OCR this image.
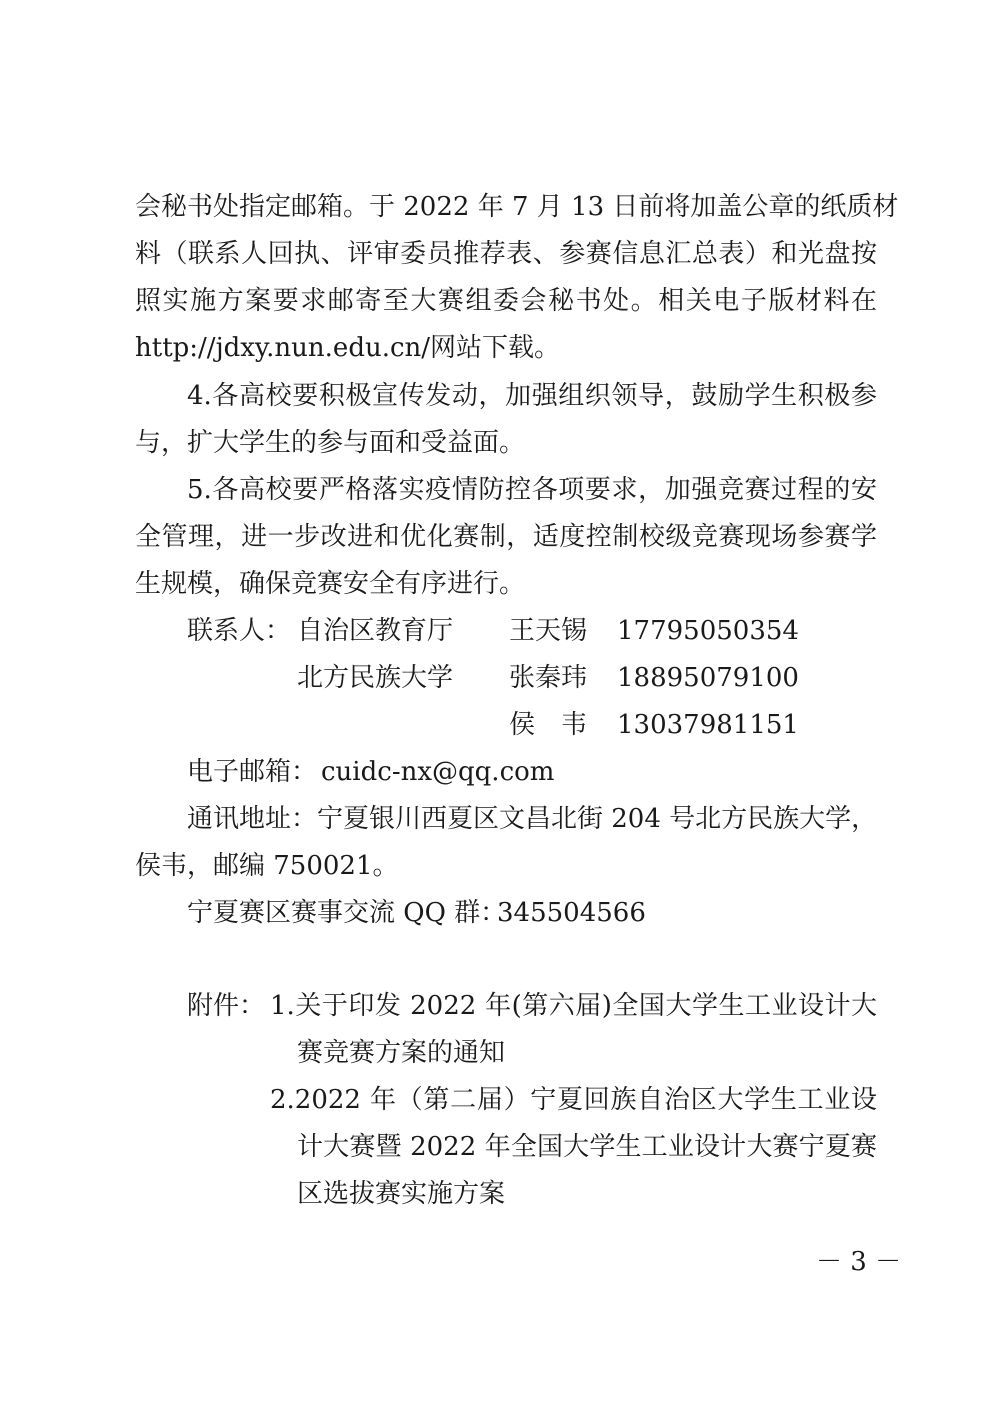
会秘书处指定邮箱。于 2022 年 7 月 13 日前将加盖公章的纸质材
料（联系人回执、评审委员推荐表、参赛信息汇总表）和光盘按
照实施方案要求邮寄至大赛组委会秘书处。相关电子版材料在
http://jdxy.nun.edu.cn/网站下载。
4.各高校要积极宣传发动，加强组织领导，鼓励学生积极参
与，扩大学生的参与面和受益面。
5.各高校要严格落实疫情防控各项要求，加强竞赛过程的安
全管理，进一步改进和优化赛制，适度控制校级竞赛现场参赛学
生规模，确保竞赛安全有序进行。
联系人： 自治区教育厅 王天锡 17795050354
北方民族大学 张秦玮 18895079100
侯　韦 13037981151
电子邮箱： cuidc-nx@qq.com
通讯地址：宁夏银川西夏区文昌北街 204 号北方民族大学，
侯韦，邮编 750021。
宁夏赛区赛事交流 QQ 群：
345504566
附件： 1.关于印发 2022 年(第六届)全国大学生工业设计大
赛竞赛方案的通知
2.2022 年（第二届）宁夏回族自治区大学生工业设
计大赛暨 2022 年全国大学生工业设计大赛宁夏赛
区选拔赛实施方案
－ 3 －
